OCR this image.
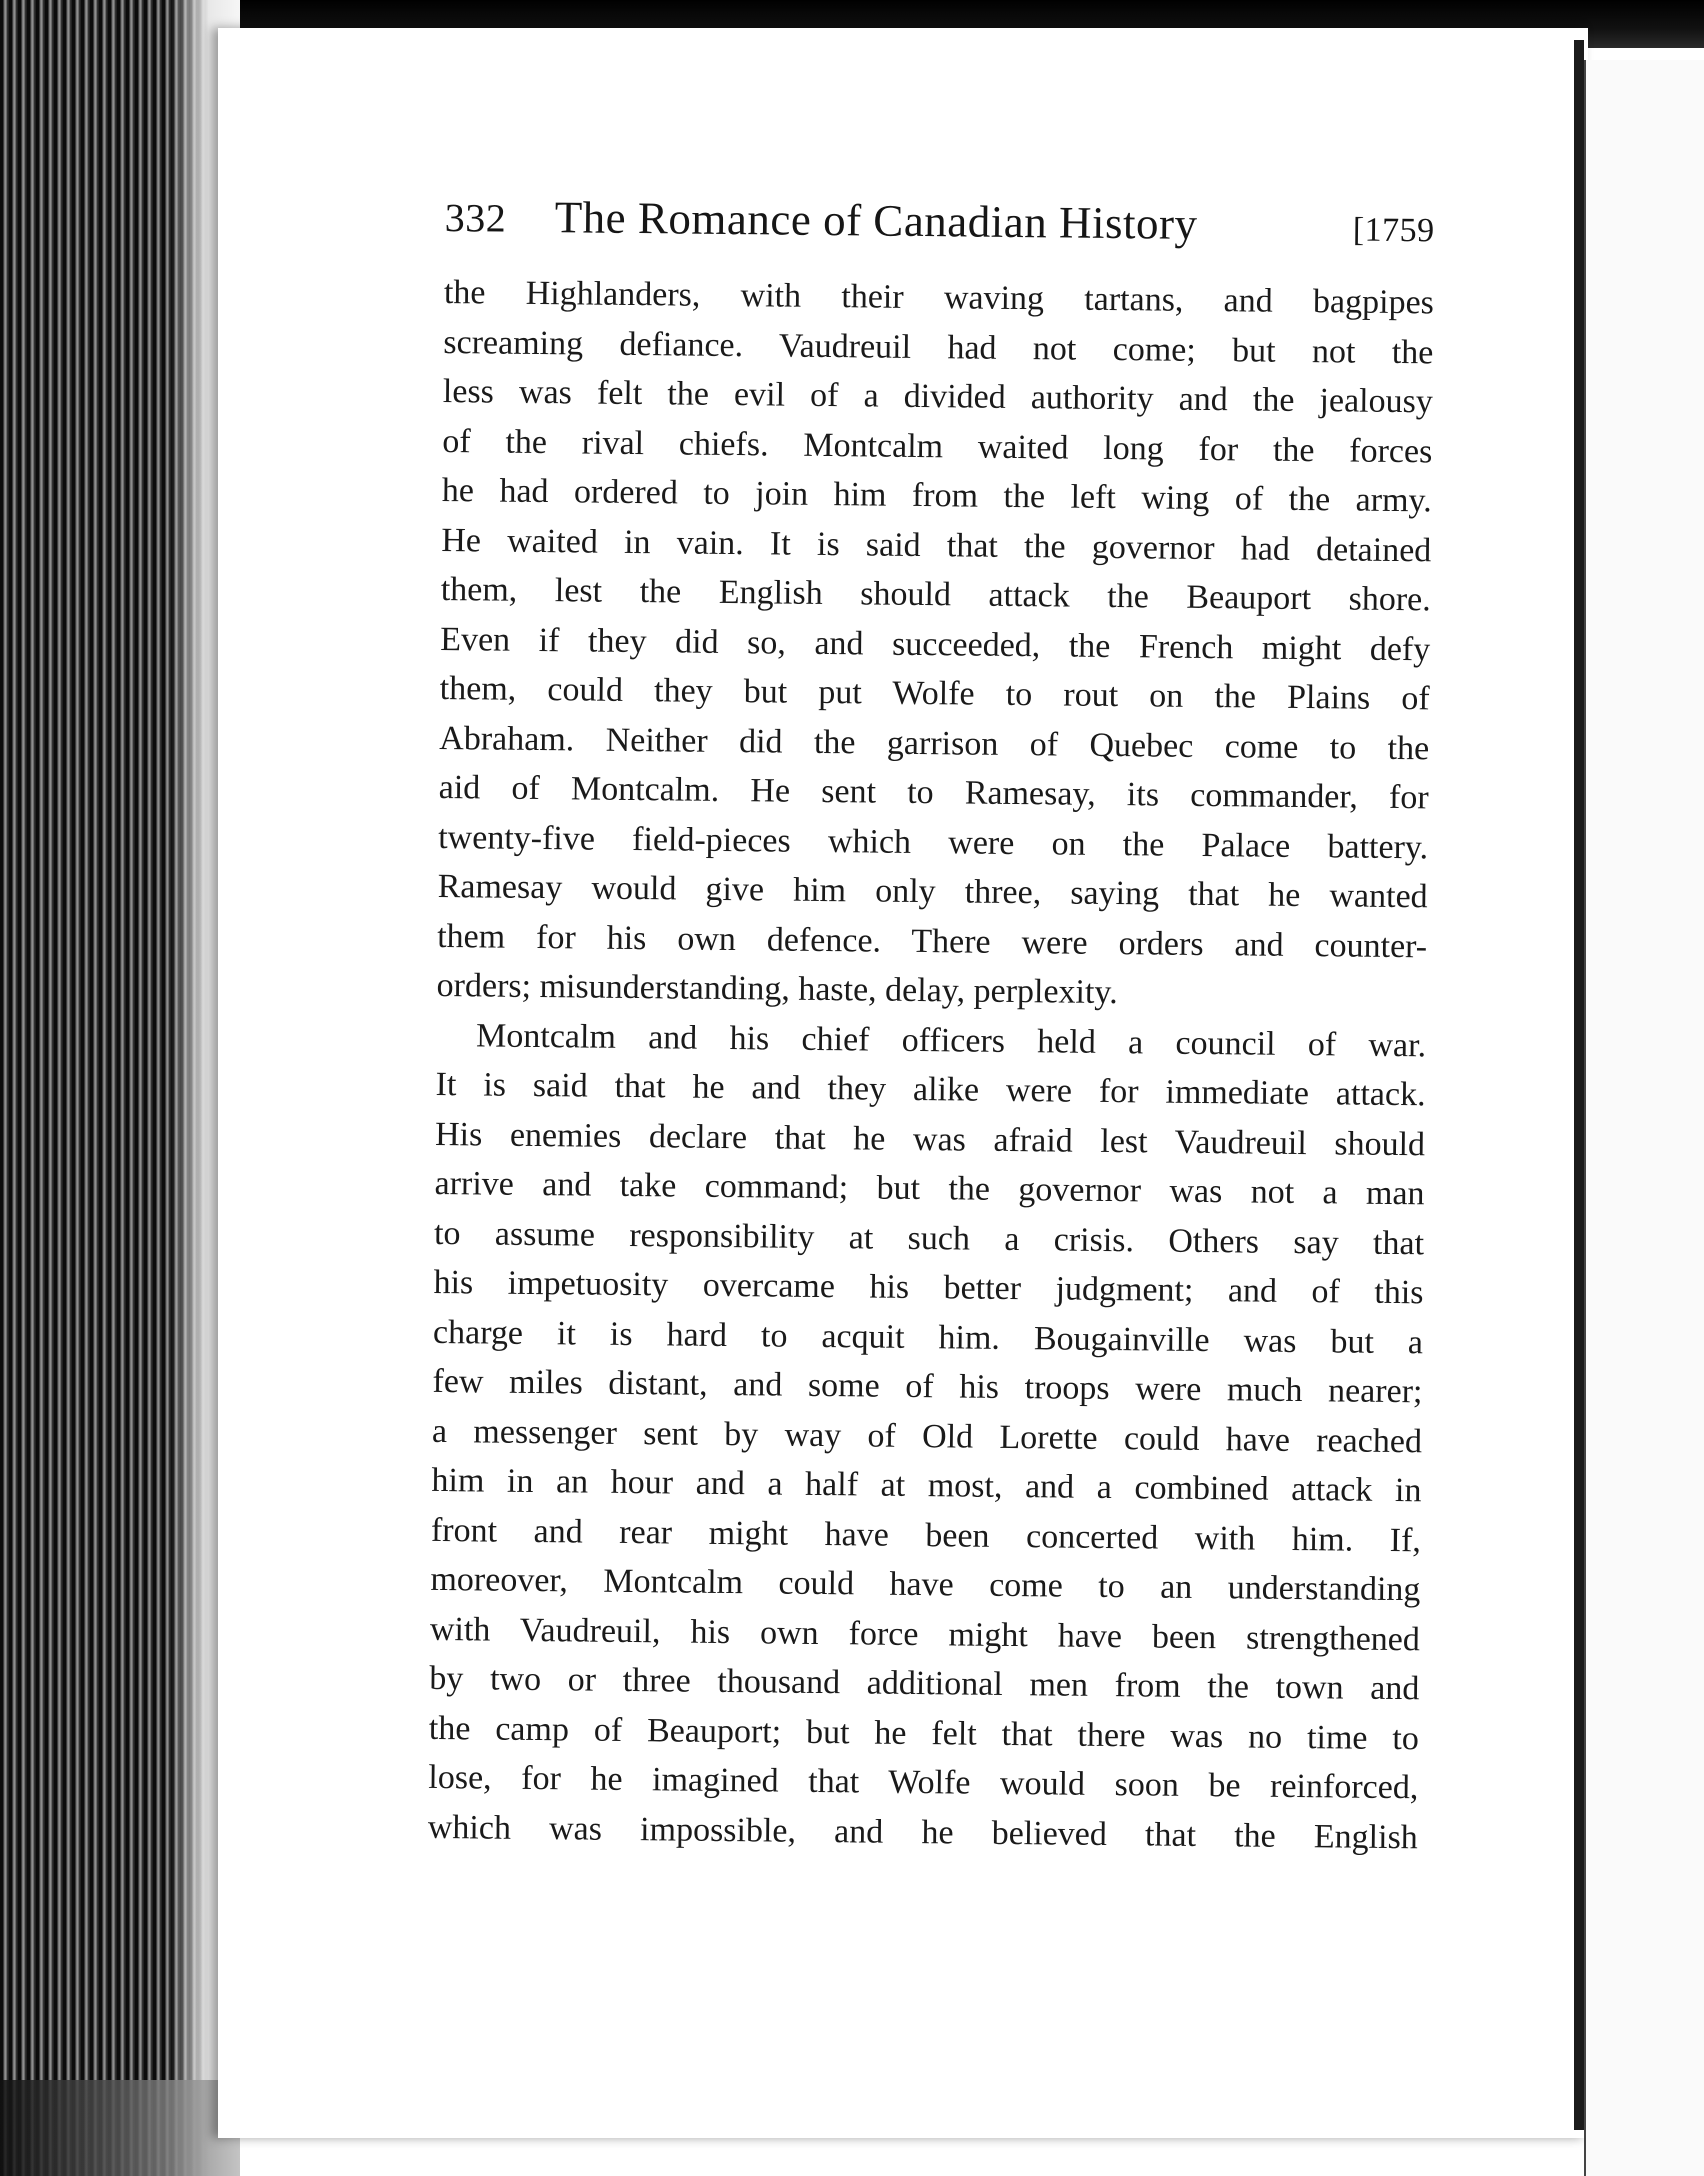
332	The Romance of Canadian History	[1759
the Highlanders, with their waving tartans, and bagpipes
screaming defiance. Vaudreuil had not come; but not the
less was felt the evil of a divided authority and the jealousy
of the rival chiefs. Montcalm waited long for the forces
he had ordered to join him from the left wing of the army.
He waited in vain. It is said that the governor had detained
them, lest the English should attack the Beauport shore.
Even if they did so, and succeeded, the French might defy
them, could they but put Wolfe to rout on the Plains of
Abraham. Neither did the garrison of Quebec come to the
aid of Montcalm. He sent to Ramesay, its commander, for
twenty-five field-pieces which were on the Palace battery.
Ramesay would give him only three, saying that he wanted
them for his own defence. There were orders and counter-
orders; misunderstanding, haste, delay, perplexity.
Montcalm and his chief officers held a council of war.
It is said that he and they alike were for immediate attack.
His enemies declare that he was afraid lest Vaudreuil should
arrive and take command; but the governor was not a man
to assume responsibility at such a crisis. Others say that
his impetuosity overcame his better judgment; and of this
charge it is hard to acquit him. Bougainville was but a
few miles distant, and some of his troops were much nearer;
a messenger sent by way of Old Lorette could have reached
him in an hour and a half at most, and a combined attack in
front and rear might have been concerted with him. If,
moreover, Montcalm could have come to an understanding
with Vaudreuil, his own force might have been strengthened
by two or three thousand additional men from the town and
the camp of Beauport; but he felt that there was no time to
lose, for he imagined that Wolfe would soon be reinforced,
which was impossible, and he believed that the English
